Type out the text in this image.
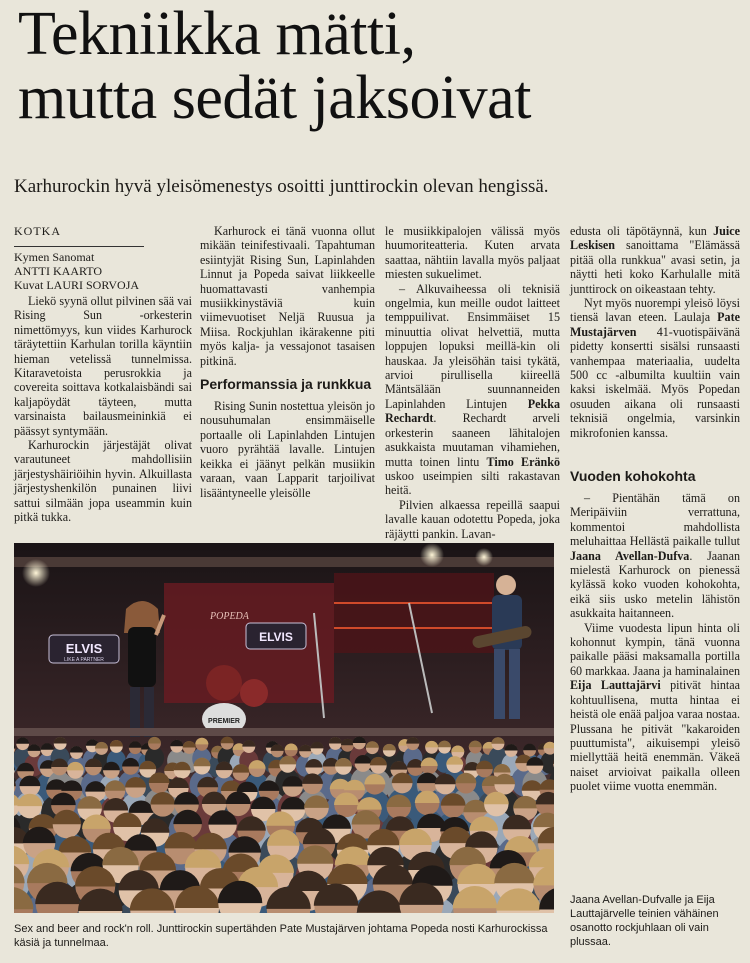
Tekniikka mätti,
mutta sedät jaksoivat
Karhurockin hyvä yleisömenestys osoitti junttirockin olevan hengissä.
KOTKA
Kymen Sanomat
ANTTI KAARTO
Kuvat LAURI SORVOJA

Liekö syynä ollut pilvinen sää vai Rising Sun -orkesterin nimettömyys, kun viides Karhurock täräytettiin Karhulan torilla käyntiin hieman vetelissä tunnelmissa. Kitaravetoista perusrokkia ja covereita soittava kotkalaisbändi sai kaljapöydät täyteen, mutta varsinaista bailausmeininkiä ei päässyt syntymään.

Karhurockin järjestäjät olivat varautuneet mahdollisiin järjestyshäiriöihin hyvin. Alkuillasta järjestyshenkilön punainen liivi sattui silmään jopa useammin kuin pitkä tukka.

Karhurock ei tänä vuonna ollut mikään teinifestivaali. Tapahtuman esiintyjät Rising Sun, Lapinlahden Linnut ja Popeda saivat liikkeelle huomattavasti vanhempia musiikkinystäviä kuin viimevuotiset Neljä Ruusua ja Miisa. Rockjuhlan ikärakenne piti myös kalja- ja vessajonot tasaisen pitkinä.

Performanssia ja runkkua

Rising Sunin nostettua yleisön jo nousuhumalan ensimmäiselle portaalle oli Lapinlahden Lintujen vuoro pyrähtää lavalle. Lintujen keikka ei jäänyt pelkän musiikin varaan, vaan Lapparit tarjoilivat lisääntyneelle yleisölle

le musiikkipalojen välissä myös huumoriteatteria. Kuten arvata saattaa, nähtiin lavalla myös paljaat miesten sukuelimet.

– Alkuvaiheessa oli teknisiä ongelmia, kun meille oudot laitteet temppuilivat. Ensimmäiset 15 minuuttia olivat helvettiä, mutta loppujen lopuksi meillä-kin oli hauskaa. Ja yleisöhän taisi tykätä, arvioi pirullisella kiireellä Mäntsälään suunnanneiden Lapinlahden Lintujen Pekka Rechardt. Rechardt arveli orkesterin saaneen lähitalojen asukkaista muutaman vihamiehen, mutta toinen lintu Timo Eränkö uskoo useimpien silti rakastavan heitä.

Pilvien alkaessa repeillä saapui lavalle kauan odotettu Popeda, joka räjäytti pankin. Lavan-

edusta oli täpötäynnä, kun Juice Leskisen sanoittama "Elämässä pitää olla runkkua" avasi setin, ja näytti heti koko Karhulalle mitä junttirock on oikeastaan tehty.

Nyt myös nuorempi yleisö löysi tiensä lavan eteen. Laulaja Pate Mustajärven 41-vuotispäivänä pidetty konsertti sisälsi runsaasti vanhempaa materiaalia, uudelta 500 cc -albumilta kuultiin vain kaksi iskelmää. Myös Popedan osuuden aikana oli runsaasti teknisiä ongelmia, varsinkin mikrofonien kanssa.

Vuoden kohokohta

– Pientähän tämä on Meripäiviin verrattuna, kommentoi mahdollista meluhaittaa Hellästä paikalle tullut Jaana Avellan-Dufva. Jaanan mielestä Karhurock on pienessä kylässä koko vuoden kohokohta, eikä siis usko metelin lähistön asukkaita haitanneen.

Viime vuodesta lipun hinta oli kohonnut kympin, tänä vuonna paikalle pääsi maksamalla portilla 60 markkaa. Jaana ja haminalainen Eija Lauttajärvi pitivät hintaa kohtuullisena, mutta hintaa ei heistä ole enää paljoa varaa nostaa. Plussana he pitivät "kakaroiden puuttumista", aikuisempi yleisö miellyttää heitä enemmän. Väkeä naiset arvioivat paikalla olleen puolet viime vuotta enemmän.

ELVIS
LIKE A PARTNER
ELVIS
POPEDA
PREMIER
Sex and beer and rock'n roll. Junttirockin supertähden Pate Mustajärven johtama Popeda nosti Karhurockissa käsiä ja tunnelmaa.
Jaana Avellan-Dufvalle ja Eija Lauttajärvelle teinien vähäinen osanotto rockjuhlaan oli vain plussaa.
